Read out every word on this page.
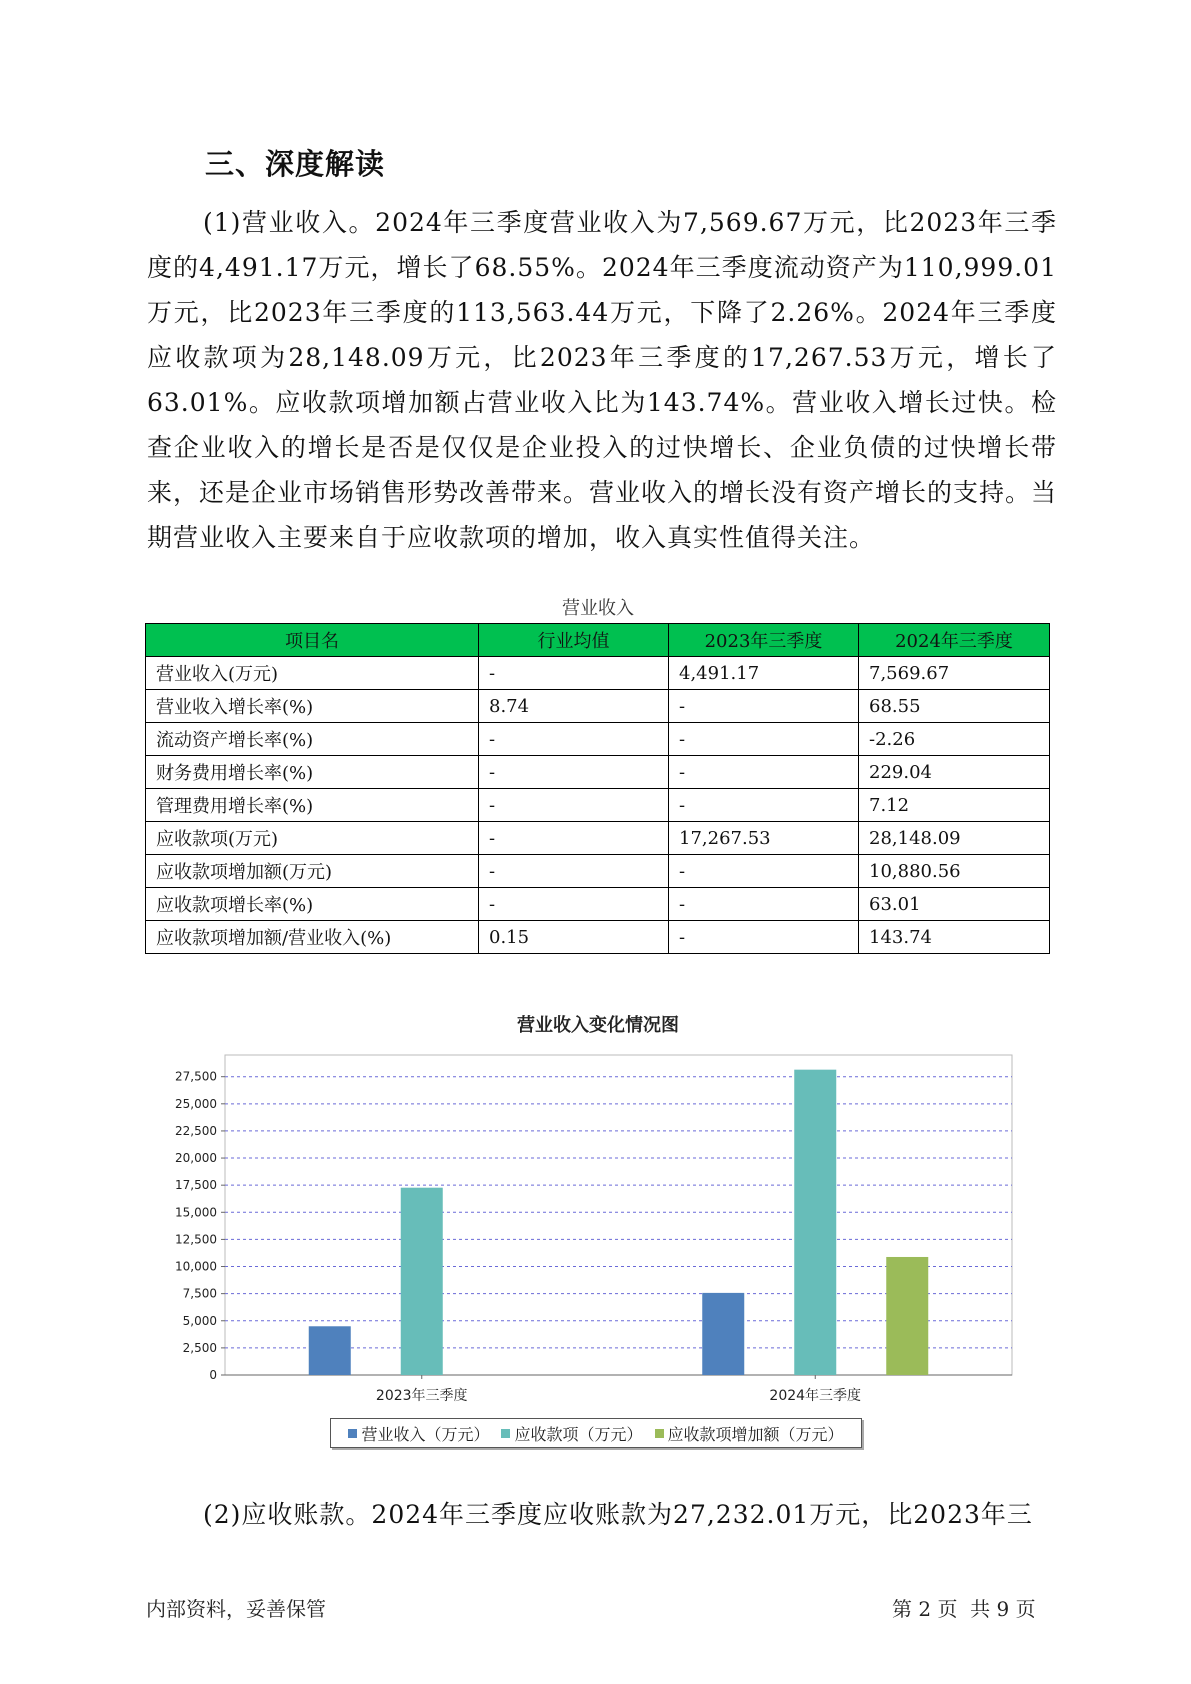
三、深度解读

(1)营业收入。2024年三季度营业收入为7,569.67万元，比2023年三季度的4,491.17万元，增长了68.55%。2024年三季度流动资产为110,999.01万元，比2023年三季度的113,563.44万元，下降了2.26%。2024年三季度应收款项为28,148.09万元，比2023年三季度的17,267.53万元，增长了63.01%。应收款项增加额占营业收入比为143.74%。营业收入增长过快。检查企业收入的增长是否是仅仅是企业投入的过快增长、企业负债的过快增长带来，还是企业市场销售形势改善带来。营业收入的增长没有资产增长的支持。当期营业收入主要来自于应收款项的增加，收入真实性值得关注。

营业收入
项目名	行业均值	2023年三季度	2024年三季度
营业收入(万元)	-	4,491.17	7,569.67
营业收入增长率(%)	8.74	-	68.55
流动资产增长率(%)	-	-	-2.26
财务费用增长率(%)	-	-	229.04
管理费用增长率(%)	-	-	7.12
应收款项(万元)	-	17,267.53	28,148.09
应收款项增加额(万元)	-	-	10,880.56
应收款项增长率(%)	-	-	63.01
应收款项增加额/营业收入(%)	0.15	-	143.74
营业收入变化情况图
0
2,500
5,000
7,500
10,000
12,500
15,000
17,500
20,000
22,500
25,000
27,500
2023年三季度	2024年三季度
营业收入（万元） 应收款项（万元） 应收款项增加额（万元）

(2)应收账款。2024年三季度应收账款为27,232.01万元，比2023年三

内部资料，妥善保管	第 2 页  共 9 页
